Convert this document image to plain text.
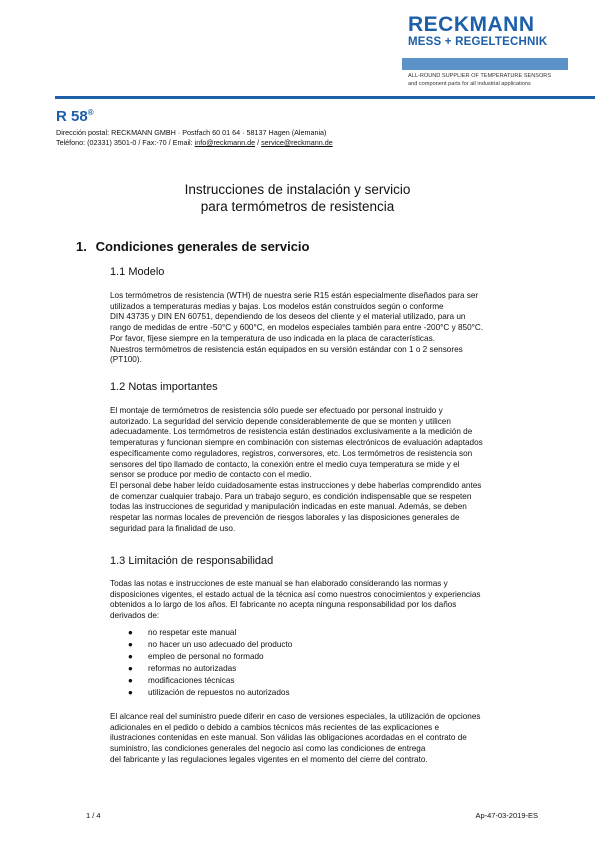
RECKMANN
MESS + REGELTECHNIK
ALL-ROUND SUPPLIER OF TEMPERATURE SENSORS
and component parts for all industrial applications
R 58®
Dirección postal: RECKMANN GMBH · Postfach 60 01 64 · 58137 Hagen (Alemania)
Teléfono: (02331) 3501-0 / Fax:-70 / Email: info@reckmann.de / service@reckmann.de
Instrucciones de instalación y servicio
para termómetros de resistencia
1. Condiciones generales de servicio
1.1 Modelo
Los termómetros de resistencia (WTH) de nuestra serie R15 están especialmente diseñados para ser
utilizados a temperaturas medias y bajas. Los modelos están construidos según o conforme
DIN 43735 y DIN EN 60751, dependiendo de los deseos del cliente y el material utilizado, para un
rango de medidas de entre -50°C y 600°C, en modelos especiales también para entre -200°C y 850°C.
Por favor, fíjese siempre en la temperatura de uso indicada en la placa de características.
Nuestros termómetros de resistencia están equipados en su versión estándar con 1 o 2 sensores
(PT100).
1.2 Notas importantes
El montaje de termómetros de resistencia sólo puede ser efectuado por personal instruido y
autorizado. La seguridad del servicio depende considerablemente de que se monten y utilicen
adecuadamente. Los termómetros de resistencia están destinados exclusivamente a la medición de
temperaturas y funcionan siempre en combinación con sistemas electrónicos de evaluación adaptados
específicamente como reguladores, registros, conversores, etc. Los termómetros de resistencia son
sensores del tipo llamado de contacto, la conexión entre el medio cuya temperatura se mide y el
sensor se produce por medio de contacto con el medio.
El personal debe haber leído cuidadosamente estas instrucciones y debe haberlas comprendido antes
de comenzar cualquier trabajo. Para un trabajo seguro, es condición indispensable que se respeten
todas las instrucciones de seguridad y manipulación indicadas en este manual. Además, se deben
respetar las normas locales de prevención de riesgos laborales y las disposiciones generales de
seguridad para la finalidad de uso.
1.3 Limitación de responsabilidad
Todas las notas e instrucciones de este manual se han elaborado considerando las normas y
disposiciones vigentes, el estado actual de la técnica así como nuestros conocimientos y experiencias
obtenidos a lo largo de los años. El fabricante no acepta ninguna responsabilidad por los daños
derivados de:
● no respetar este manual
● no hacer un uso adecuado del producto
● empleo de personal no formado
● reformas no autorizadas
● modificaciones técnicas
● utilización de repuestos no autorizados
El alcance real del suministro puede diferir en caso de versiones especiales, la utilización de opciones
adicionales en el pedido o debido a cambios técnicos más recientes de las explicaciones e
ilustraciones contenidas en este manual. Son válidas las obligaciones acordadas en el contrato de
suministro, las condiciones generales del negocio así como las condiciones de entrega
del fabricante y las regulaciones legales vigentes en el momento del cierre del contrato.
1 / 4	Ap-47-03-2019-ES
